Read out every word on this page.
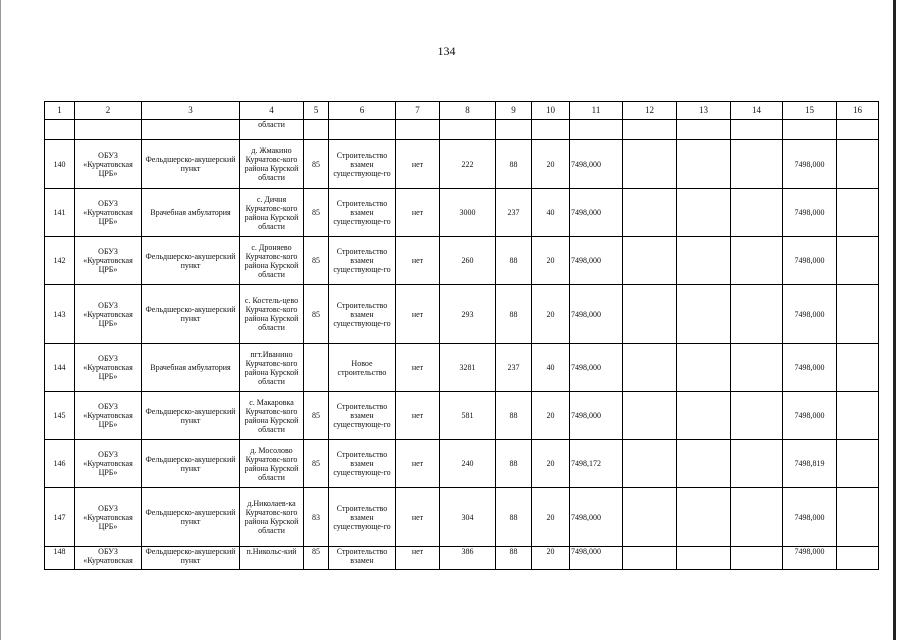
134
1	2	3	4	5	6	7	8	9	10	11	12	13	14	15	16
			области												
140	ОБУЗ «Курчатовская ЦРБ»	Фельдшерско-акушерский пункт	д. Жмакино Курчатовс-кого района Курской области	85	Строительство взамен существующе-го	нет	222	88	20	7498,000				7498,000	
141	ОБУЗ «Курчатовская ЦРБ»	Врачебная амбулатория	с. Дичня Курчатовс-кого района Курской области	85	Строительство взамен существующе-го	нет	3000	237	40	7498,000				7498,000	
142	ОБУЗ «Курчатовская ЦРБ»	Фельдшерско-акушерский пункт	с. Дроняево Курчатовс-кого района Курской области	85	Строительство взамен существующе-го	нет	260	88	20	7498,000				7498,000	
143	ОБУЗ «Курчатовская ЦРБ»	Фельдшерско-акушерский пункт	с. Костель-цево Курчатовс-кого района Курской области	85	Строительство взамен существующе-го	нет	293	88	20	7498,000				7498,000	
144	ОБУЗ «Курчатовская ЦРБ»	Врачебная амбулатория	пгт.Иванино Курчатовс-кого района Курской области		Новое строительство	нет	3281	237	40	7498,000				7498,000	
145	ОБУЗ «Курчатовская ЦРБ»	Фельдшерско-акушерский пункт	с. Макаровка Курчатовс-кого района Курской области	85	Строительство взамен существующе-го	нет	581	88	20	7498,000				7498,000	
146	ОБУЗ «Курчатовская ЦРБ»	Фельдшерско-акушерский пункт	д. Мосолово Курчатовс-кого района Курской области	85	Строительство взамен существующе-го	нет	240	88	20	7498,172				7498,819	
147	ОБУЗ «Курчатовская ЦРБ»	Фельдшерско-акушерский пункт	д.Николаев-ка Курчатовс-кого района Курской области	83	Строительство взамен существующе-го	нет	304	88	20	7498,000				7498,000	
148	ОБУЗ «Курчатовская	Фельдшерско-акушерский пункт	п.Никольс-кий	85	Строительство взамен	нет	386	88	20	7498,000				7498,000	
